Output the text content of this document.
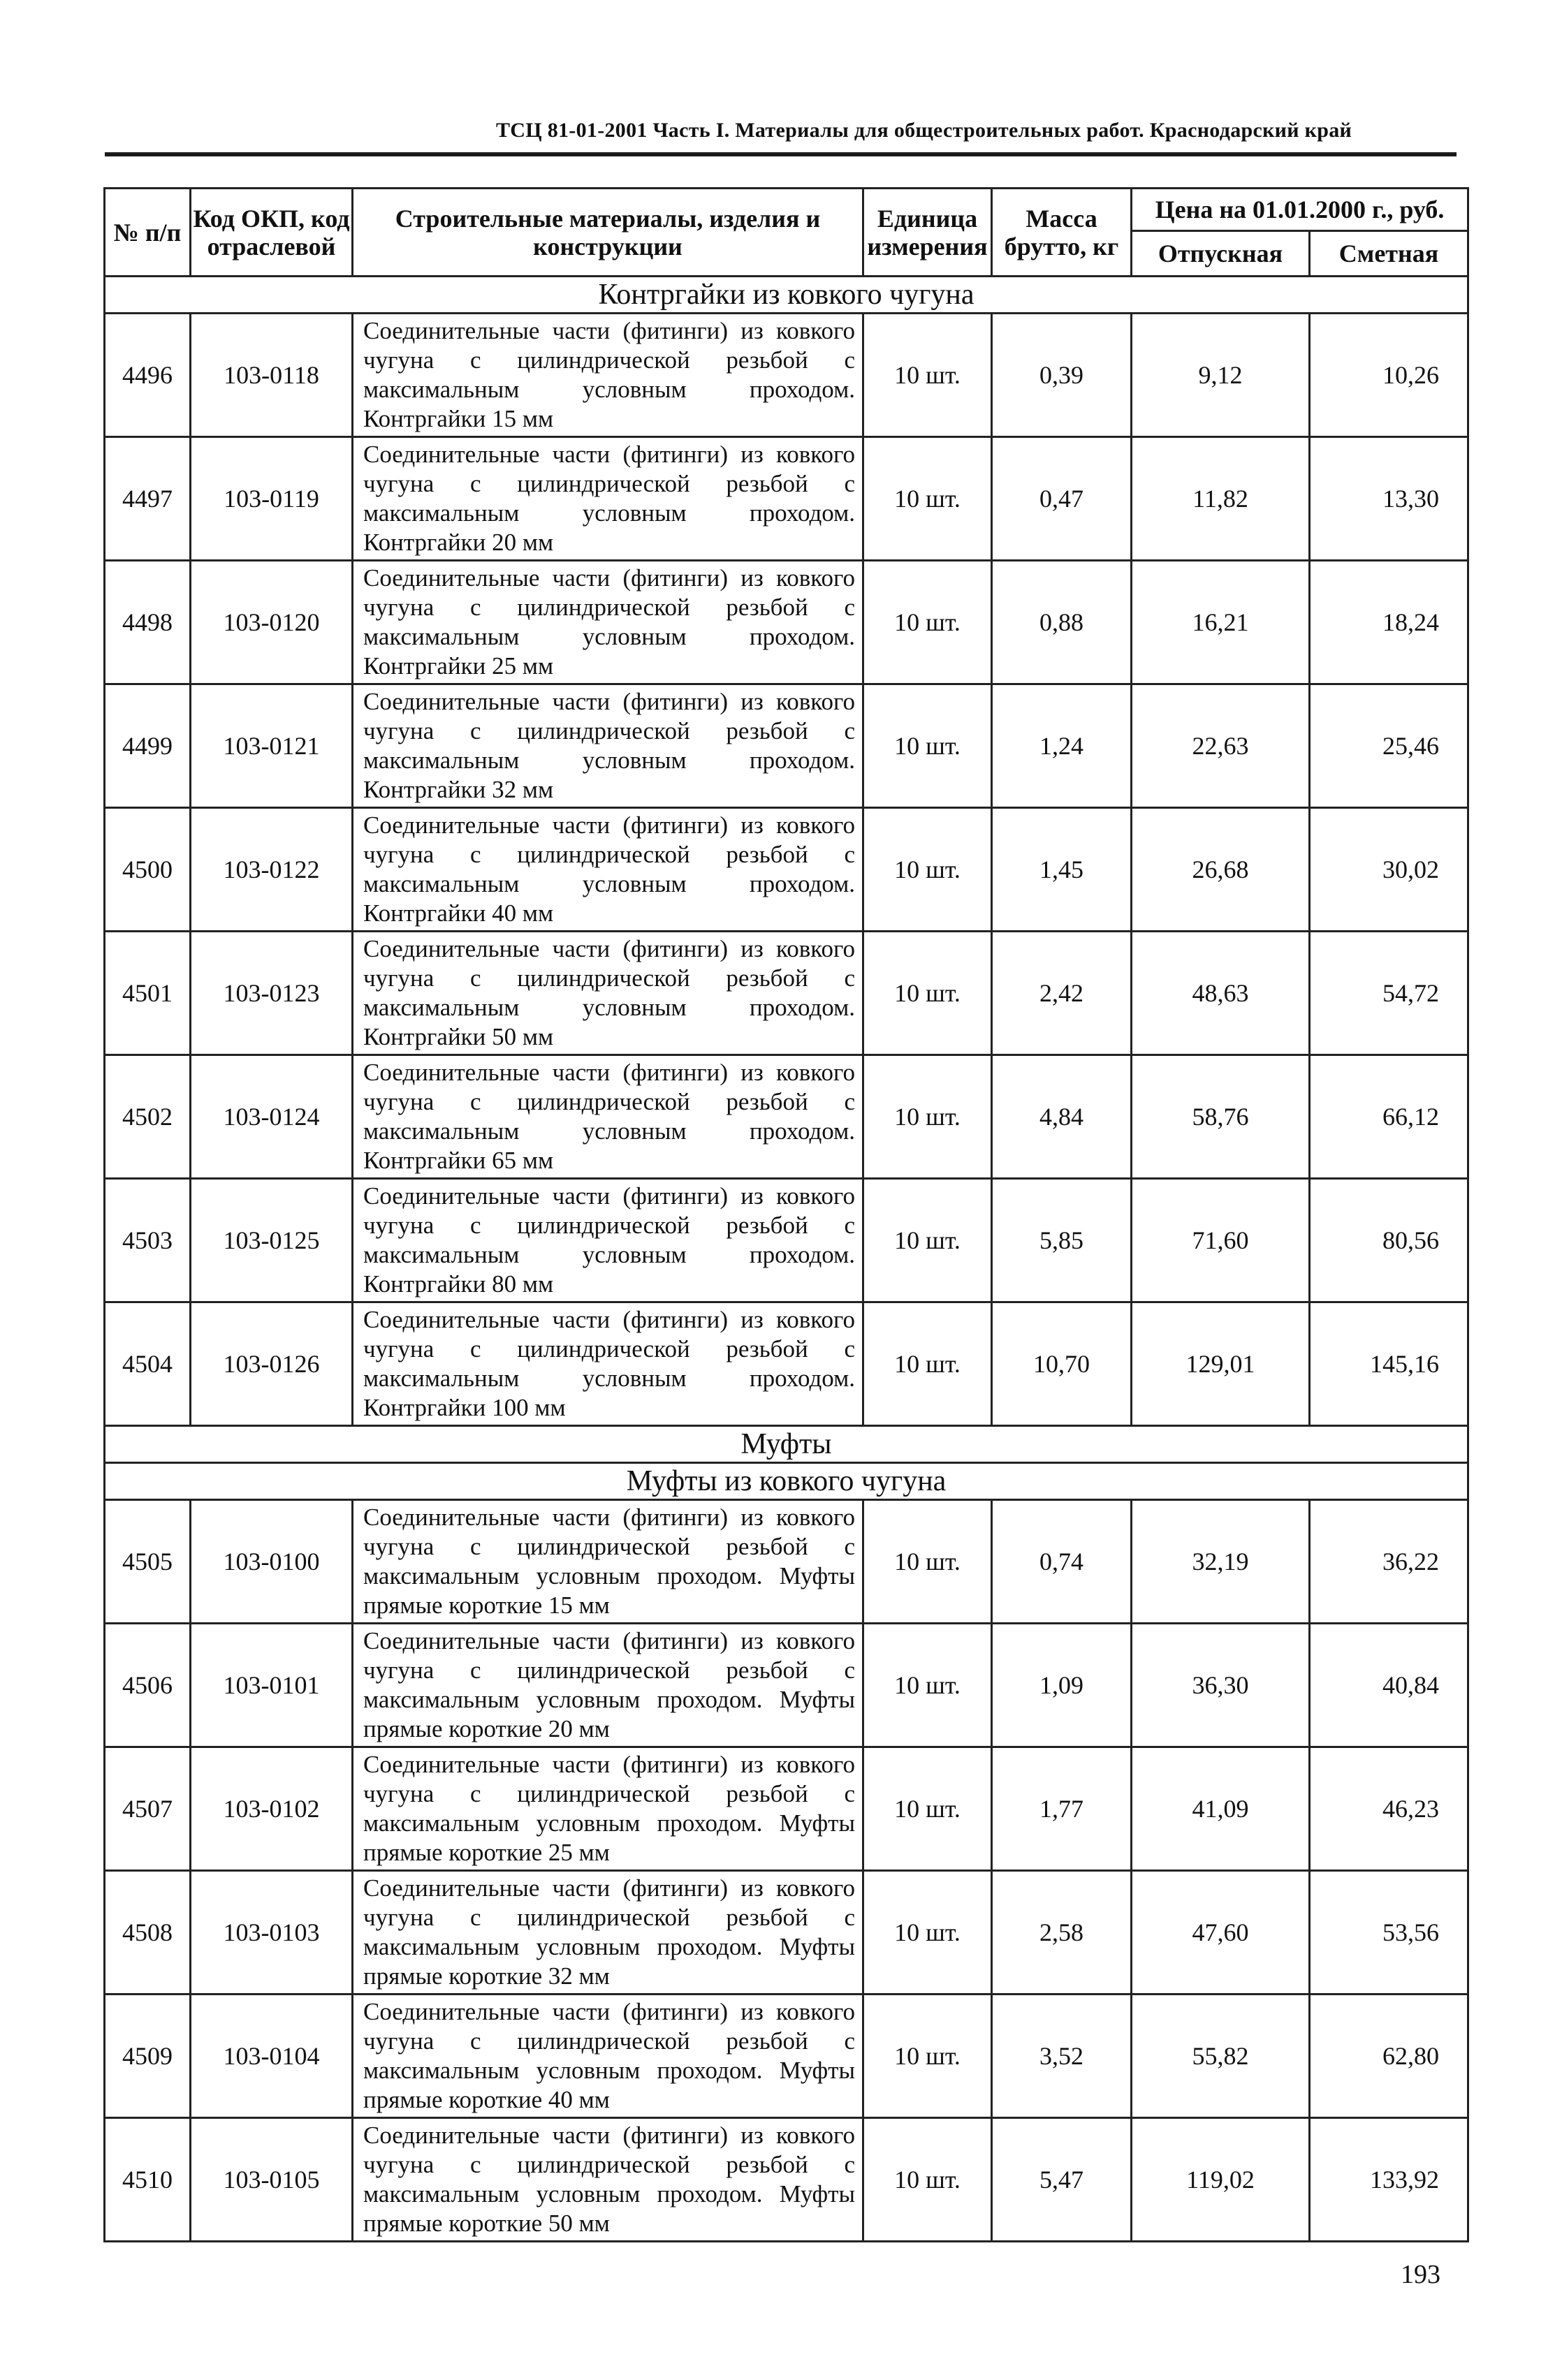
ТСЦ 81-01-2001 Часть I. Материалы для общестроительных работ. Краснодарский край
№ п/п	Код ОКП, код отраслевой	Строительные материалы, изделия и конструкции	Единица измерения	Масса брутто, кг	Цена на 01.01.2000 г., руб.	
					Отпускная	Сметная
Контргайки из ковкого чугуна						
4496	103-0118	Соединительные части (фитинги) из ковкого чугуна с цилиндрической резьбой с максимальным условным проходом. Контргайки 15 мм	10 шт.	0,39	9,12	10,26
4497	103-0119	Соединительные части (фитинги) из ковкого чугуна с цилиндрической резьбой с максимальным условным проходом. Контргайки 20 мм	10 шт.	0,47	11,82	13,30
4498	103-0120	Соединительные части (фитинги) из ковкого чугуна с цилиндрической резьбой с максимальным условным проходом. Контргайки 25 мм	10 шт.	0,88	16,21	18,24
4499	103-0121	Соединительные части (фитинги) из ковкого чугуна с цилиндрической резьбой с максимальным условным проходом. Контргайки 32 мм	10 шт.	1,24	22,63	25,46
4500	103-0122	Соединительные части (фитинги) из ковкого чугуна с цилиндрической резьбой с максимальным условным проходом. Контргайки 40 мм	10 шт.	1,45	26,68	30,02
4501	103-0123	Соединительные части (фитинги) из ковкого чугуна с цилиндрической резьбой с максимальным условным проходом. Контргайки 50 мм	10 шт.	2,42	48,63	54,72
4502	103-0124	Соединительные части (фитинги) из ковкого чугуна с цилиндрической резьбой с максимальным условным проходом. Контргайки 65 мм	10 шт.	4,84	58,76	66,12
4503	103-0125	Соединительные части (фитинги) из ковкого чугуна с цилиндрической резьбой с максимальным условным проходом. Контргайки 80 мм	10 шт.	5,85	71,60	80,56
4504	103-0126	Соединительные части (фитинги) из ковкого чугуна с цилиндрической резьбой с максимальным условным проходом. Контргайки 100 мм	10 шт.	10,70	129,01	145,16
Муфты						
Муфты из ковкого чугуна						
4505	103-0100	Соединительные части (фитинги) из ковкого чугуна с цилиндрической резьбой с максимальным условным проходом. Муфты прямые короткие 15 мм	10 шт.	0,74	32,19	36,22
4506	103-0101	Соединительные части (фитинги) из ковкого чугуна с цилиндрической резьбой с максимальным условным проходом. Муфты прямые короткие 20 мм	10 шт.	1,09	36,30	40,84
4507	103-0102	Соединительные части (фитинги) из ковкого чугуна с цилиндрической резьбой с максимальным условным проходом. Муфты прямые короткие 25 мм	10 шт.	1,77	41,09	46,23
4508	103-0103	Соединительные части (фитинги) из ковкого чугуна с цилиндрической резьбой с максимальным условным проходом. Муфты прямые короткие 32 мм	10 шт.	2,58	47,60	53,56
4509	103-0104	Соединительные части (фитинги) из ковкого чугуна с цилиндрической резьбой с максимальным условным проходом. Муфты прямые короткие 40 мм	10 шт.	3,52	55,82	62,80
4510	103-0105	Соединительные части (фитинги) из ковкого чугуна с цилиндрической резьбой с максимальным условным проходом. Муфты прямые короткие 50 мм	10 шт.	5,47	119,02	133,92
193
